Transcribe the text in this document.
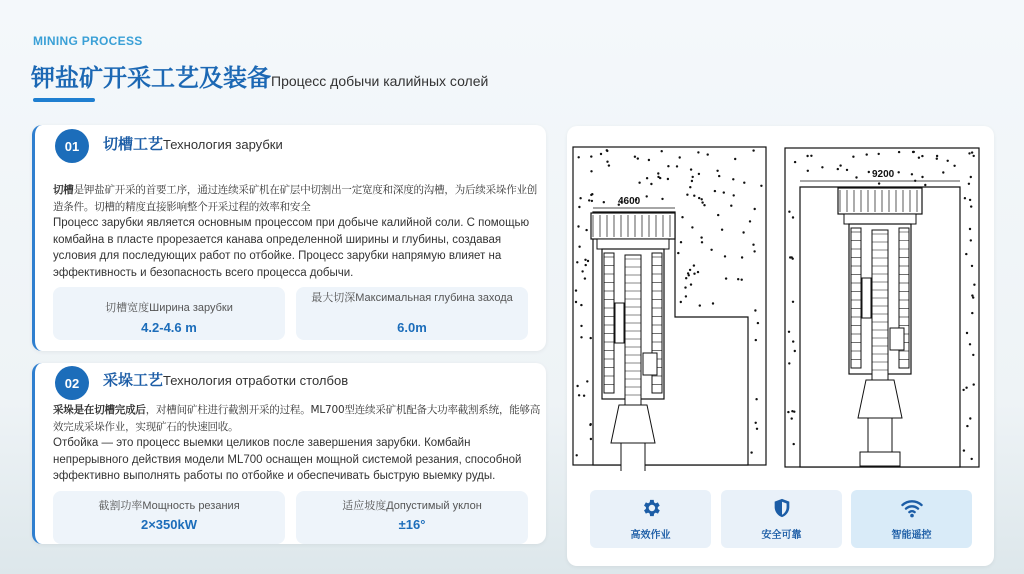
MINING PROCESS
钾盐矿开采工艺及装备Процесс добычи калийных солей
01	切槽工艺Технология зарубки
切槽是钾盐矿开采的首要工序，通过连续采矿机在矿层中切割出一定宽度和深度的沟槽，为后续采垛作业创造条件。切槽的精度直接影响整个开采过程的效率和安全
Процесс зарубки является основным процессом при добыче калийной соли. С помощью комбайна в пласте прорезается канава определенной ширины и глубины, создавая условия для последующих работ по отбойке. Процесс зарубки напрямую влияет на эффективность и безопасность всего процесса добычи.
切槽宽度Ширина зарубки
4.2-4.6 m
最大切深Максимальная глубина захода
6.0m
02	采垛工艺Технология отработки столбов
采垛是在切槽完成后，对槽间矿柱进行截割开采的过程。ML700型连续采矿机配备大功率截割系统，能够高效完成采垛作业，实现矿石的快速回收。
Отбойка — это процесс выемки целиков после завершения зарубки. Комбайн непрерывного действия модели ML700 оснащен мощной системой резания, способной эффективно выполнять работы по отбойке и обеспечивать быструю выемку руды.
截割功率Мощность резания
2×350kW
适应坡度Допустимый уклон
±16°
4600
9200
高效作业	安全可靠	智能遥控
